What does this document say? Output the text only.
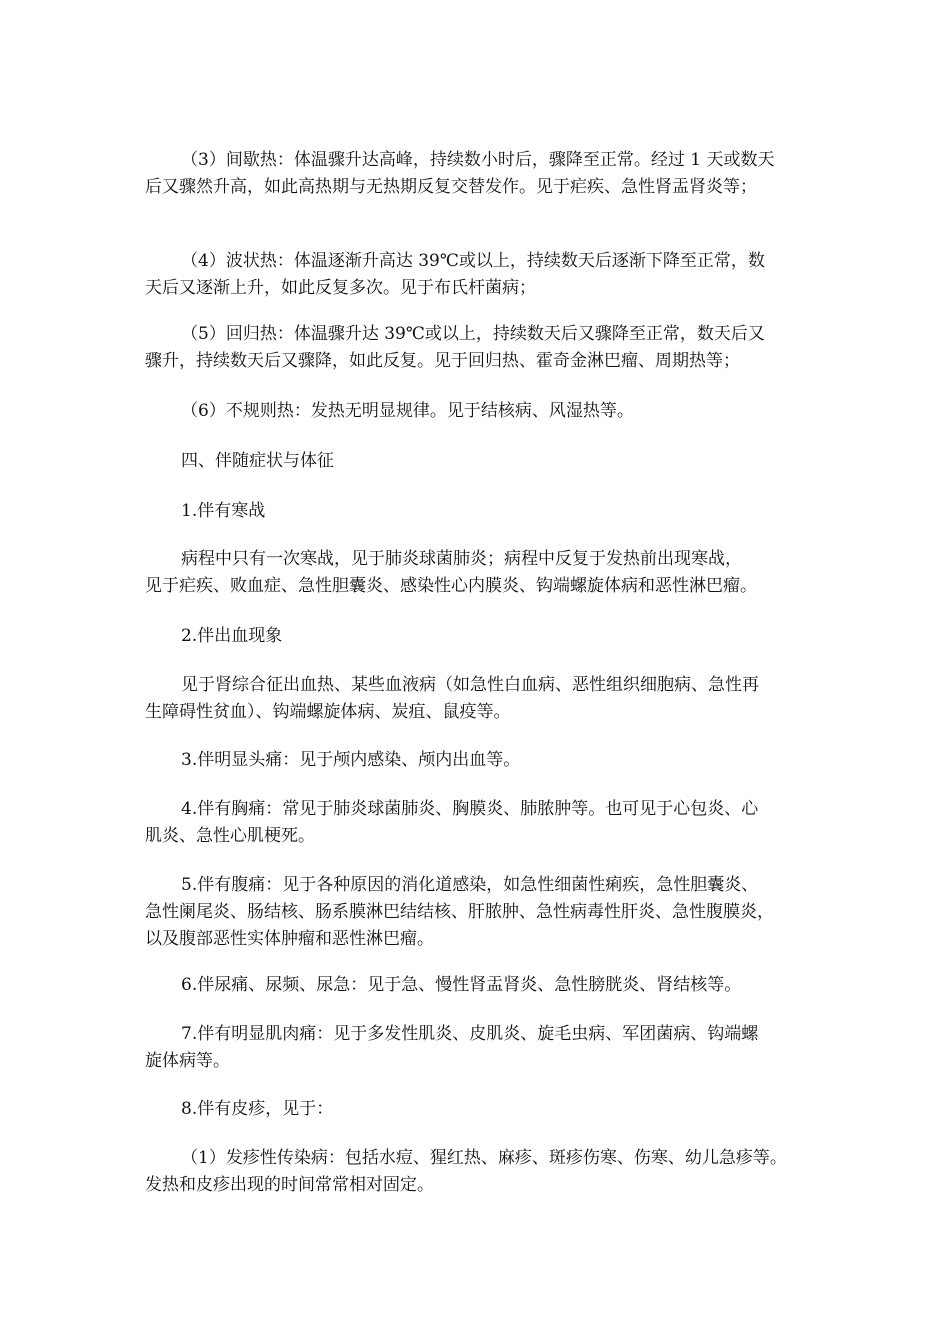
（3）间歇热：体温骤升达高峰，持续数小时后，骤降至正常。经过 1 天或数天
后又骤然升高，如此高热期与无热期反复交替发作。见于疟疾、急性肾盂肾炎等；
（4）波状热：体温逐渐升高达 39℃或以上，持续数天后逐渐下降至正常，数
天后又逐渐上升，如此反复多次。见于布氏杆菌病；
（5）回归热：体温骤升达 39℃或以上，持续数天后又骤降至正常，数天后又
骤升，持续数天后又骤降，如此反复。见于回归热、霍奇金淋巴瘤、周期热等；
（6）不规则热：发热无明显规律。见于结核病、风湿热等。
四、伴随症状与体征
1.伴有寒战
病程中只有一次寒战，见于肺炎球菌肺炎；病程中反复于发热前出现寒战，
见于疟疾、败血症、急性胆囊炎、感染性心内膜炎、钩端螺旋体病和恶性淋巴瘤。
2.伴出血现象
见于肾综合征出血热、某些血液病（如急性白血病、恶性组织细胞病、急性再
生障碍性贫血）、钩端螺旋体病、炭疽、鼠疫等。
3.伴明显头痛：见于颅内感染、颅内出血等。
4.伴有胸痛：常见于肺炎球菌肺炎、胸膜炎、肺脓肿等。也可见于心包炎、心
肌炎、急性心肌梗死。
5.伴有腹痛：见于各种原因的消化道感染，如急性细菌性痢疾，急性胆囊炎、
急性阑尾炎、肠结核、肠系膜淋巴结结核、肝脓肿、急性病毒性肝炎、急性腹膜炎，
以及腹部恶性实体肿瘤和恶性淋巴瘤。
6.伴尿痛、尿频、尿急：见于急、慢性肾盂肾炎、急性膀胱炎、肾结核等。
7.伴有明显肌肉痛：见于多发性肌炎、皮肌炎、旋毛虫病、军团菌病、钩端螺
旋体病等。
8.伴有皮疹，见于：
（1）发疹性传染病：包括水痘、猩红热、麻疹、斑疹伤寒、伤寒、幼儿急疹等。
发热和皮疹出现的时间常常相对固定。
